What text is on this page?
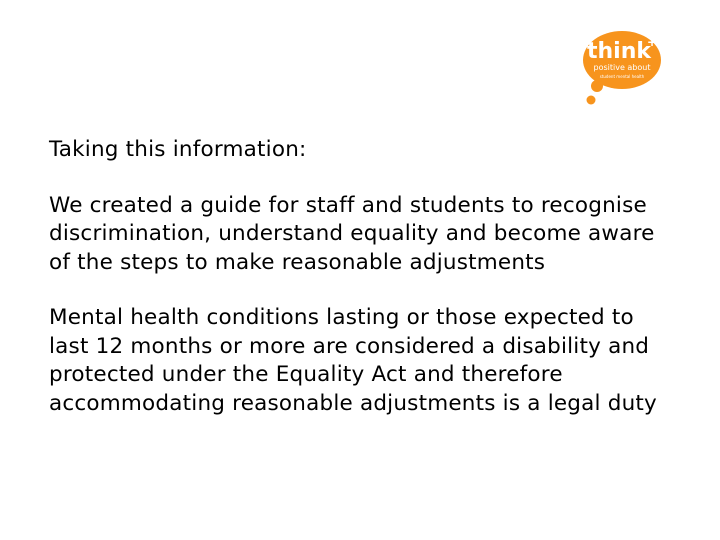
think
+
positive about
student mental health

Taking this information:

We created a guide for staff and students to recognise discrimination, understand equality and become aware of the steps to make reasonable adjustments

Mental health conditions lasting or those expected to last 12 months or more are considered a disability and protected under the Equality Act and therefore accommodating reasonable adjustments is a legal duty
